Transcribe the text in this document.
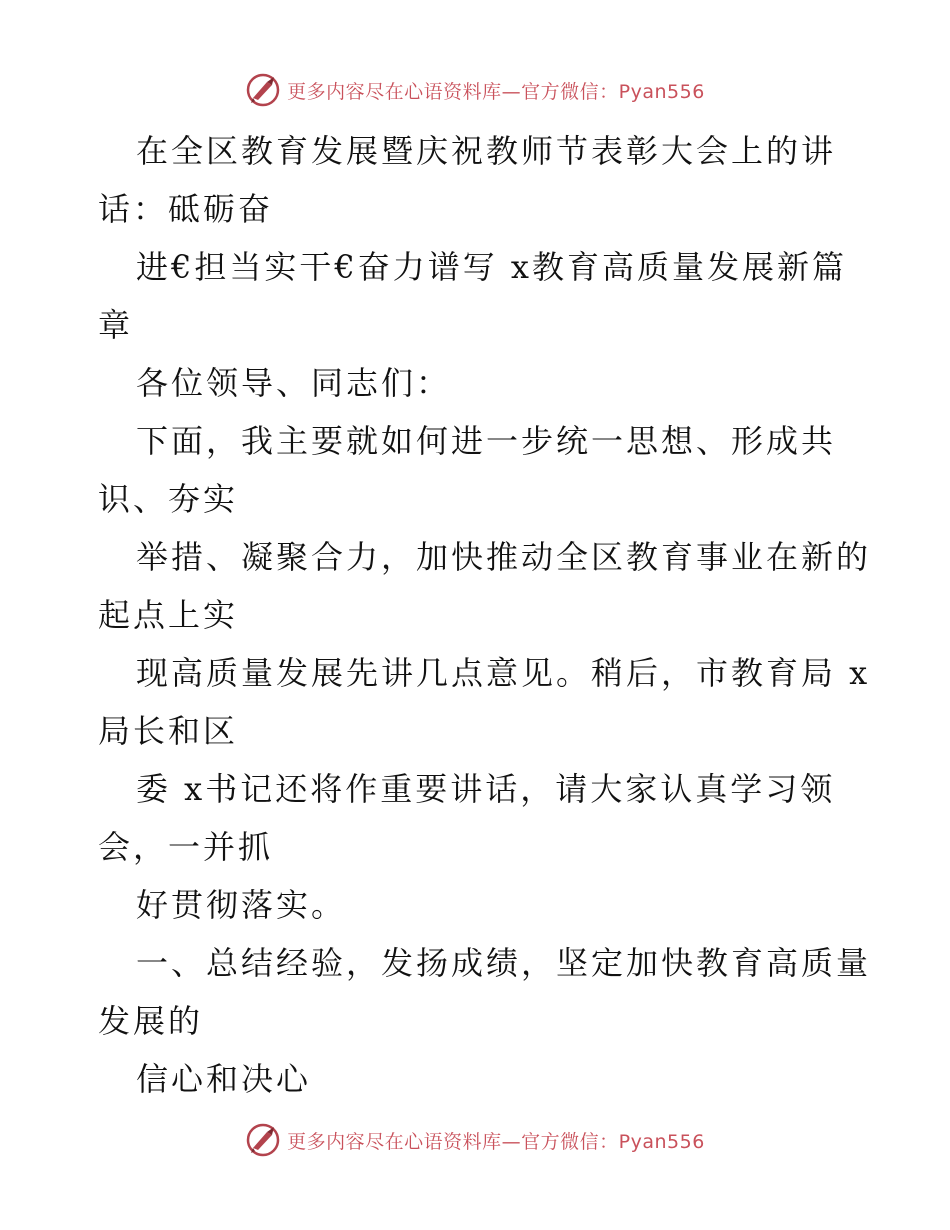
更多内容尽在心语资料库—官方微信：Pyan556
在全区教育发展暨庆祝教师节表彰大会上的讲
话：砥砺奋
进€担当实干€奋力谱写 x教育高质量发展新篇
章
各位领导、同志们：
下面，我主要就如何进一步统一思想、形成共
识、夯实
举措、凝聚合力，加快推动全区教育事业在新的
起点上实
现高质量发展先讲几点意见。稍后，市教育局 x
局长和区
委 x书记还将作重要讲话，请大家认真学习领
会，一并抓
好贯彻落实。
一、总结经验，发扬成绩，坚定加快教育高质量
发展的
信心和决心
更多内容尽在心语资料库—官方微信：Pyan556
